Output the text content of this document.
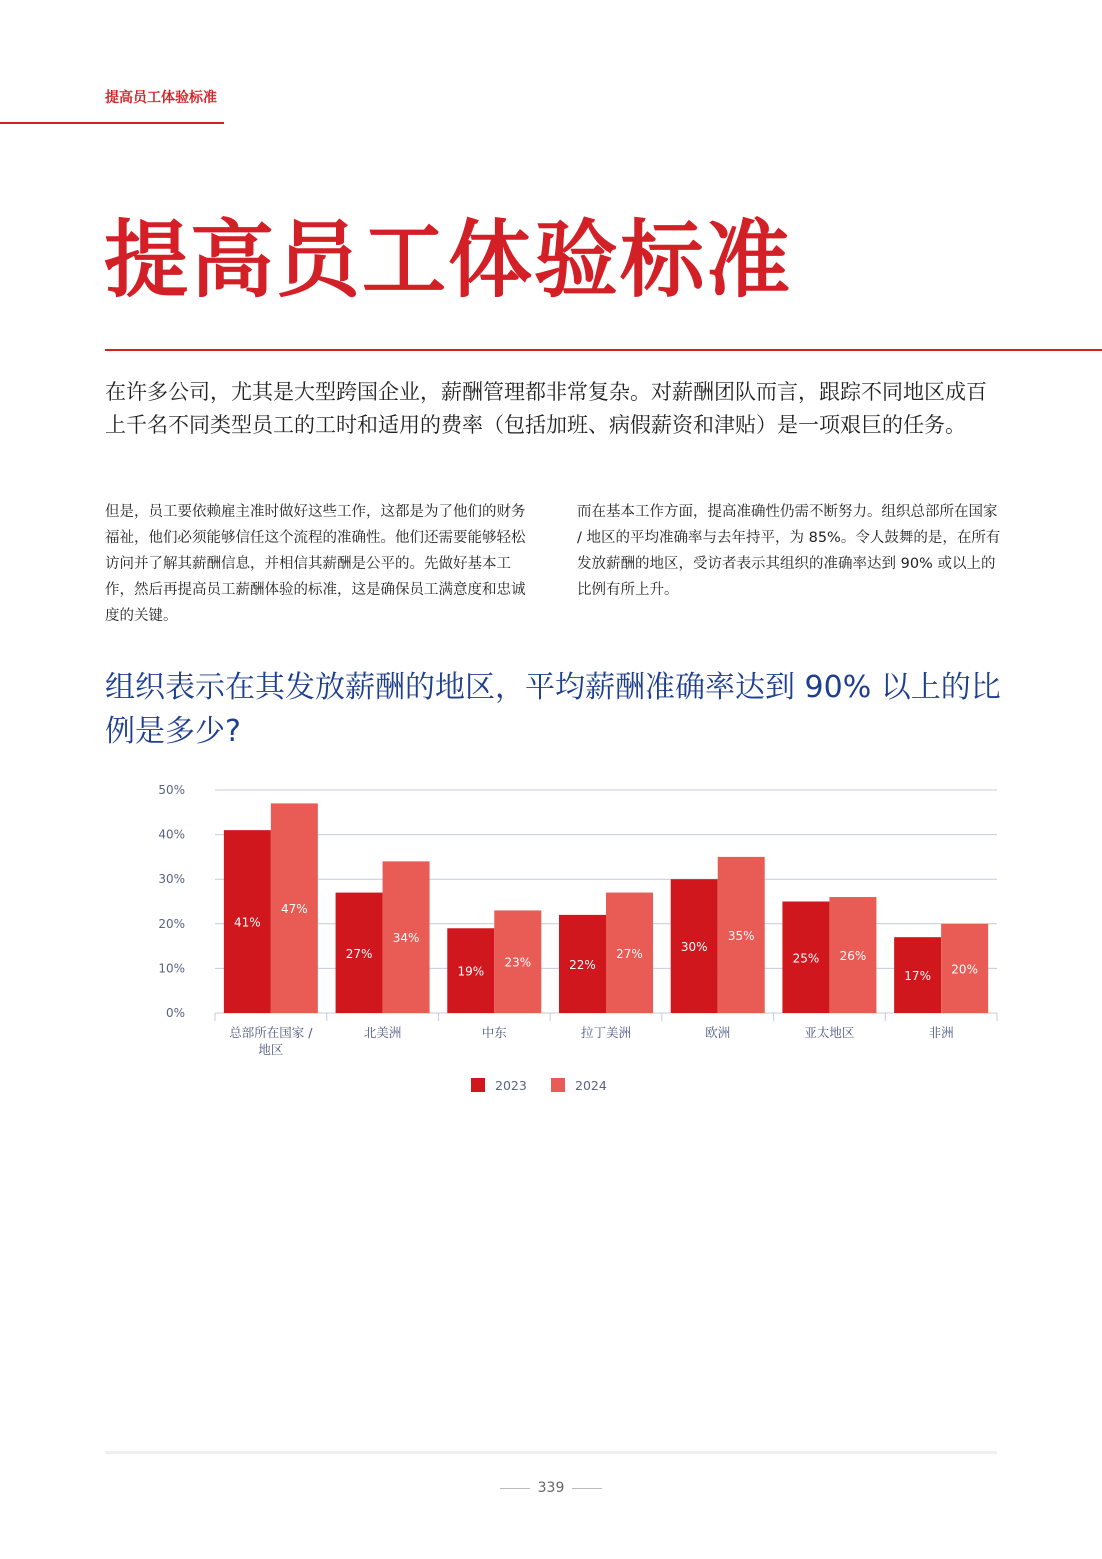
提高员工体验标准
提高员工体验标准

在许多公司，尤其是大型跨国企业，薪酬管理都非常复杂。对薪酬团队而言，跟踪不同地区成百上千名不同类型员工的工时和适用的费率（包括加班、病假薪资和津贴）是一项艰巨的任务。

但是，员工要依赖雇主准时做好这些工作，这都是为了他们的财务福祉，他们必须能够信任这个流程的准确性。他们还需要能够轻松访问并了解其薪酬信息，并相信其薪酬是公平的。先做好基本工作，然后再提高员工薪酬体验的标准，这是确保员工满意度和忠诚度的关键。

而在基本工作方面，提高准确性仍需不断努力。组织总部所在国家 / 地区的平均准确率与去年持平，为 85%。令人鼓舞的是，在所有发放薪酬的地区，受访者表示其组织的准确率达到 90% 或以上的比例有所上升。

组织表示在其发放薪酬的地区，平均薪酬准确率达到 90% 以上的比例是多少?
0%
10%
20%
30%
40%
50%
41%
27%
19%	22%
30%
25%
17%
47%
34%
23%
27%
35%
26%
20%
总部所在国家 /地区
北美洲	中东	拉丁美洲	欧洲	亚太地区	非洲
2023	2024
339
